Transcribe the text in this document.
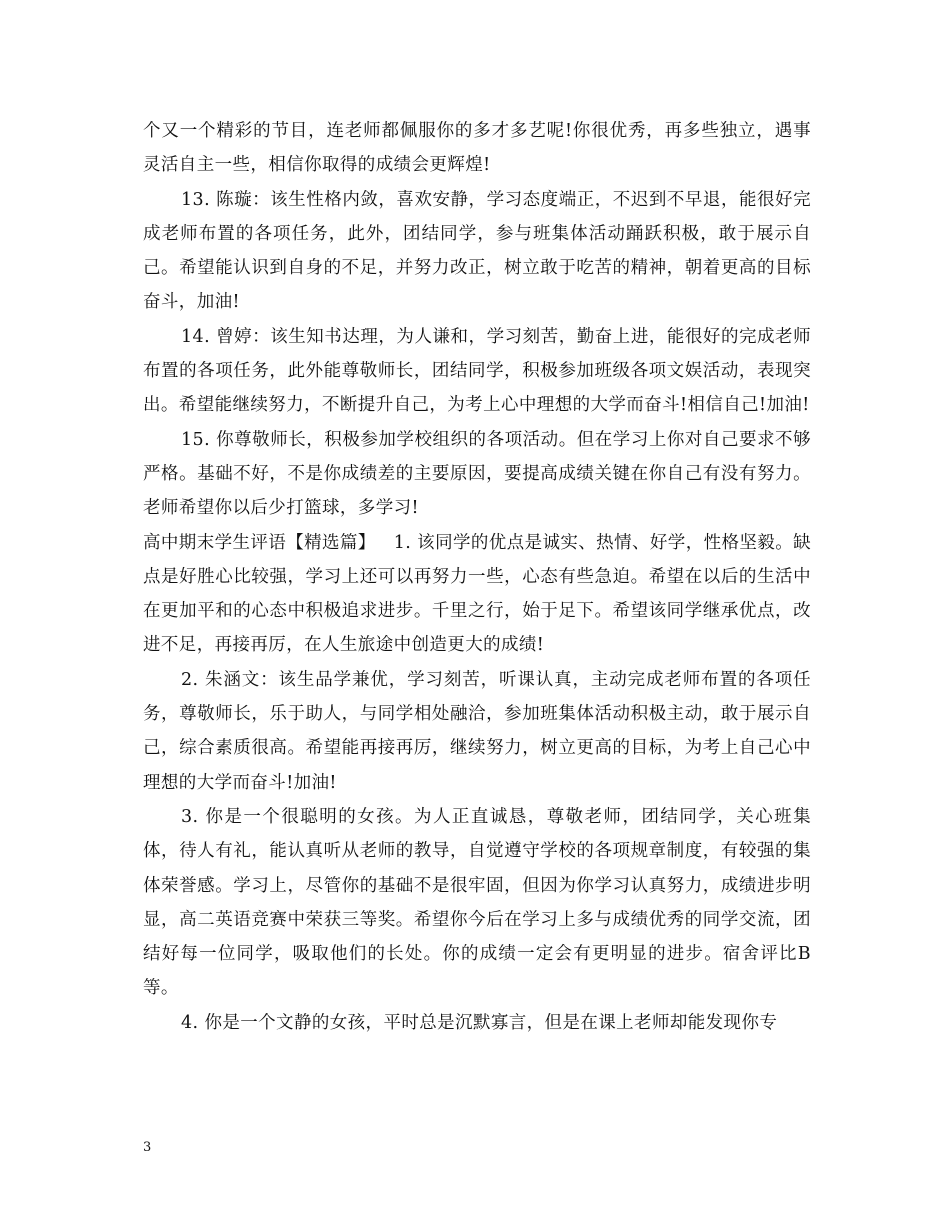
个又一个精彩的节目，连老师都佩服你的多才多艺呢!你很优秀，再多些独立，遇事灵活自主一些，相信你取得的成绩会更辉煌!

13. 陈璇：该生性格内敛，喜欢安静，学习态度端正，不迟到不早退，能很好完成老师布置的各项任务，此外，团结同学，参与班集体活动踊跃积极，敢于展示自己。希望能认识到自身的不足，并努力改正，树立敢于吃苦的精神，朝着更高的目标奋斗，加油!

14. 曾婷：该生知书达理，为人谦和，学习刻苦，勤奋上进，能很好的完成老师布置的各项任务，此外能尊敬师长，团结同学，积极参加班级各项文娱活动，表现突出。希望能继续努力，不断提升自己，为考上心中理想的大学而奋斗!相信自己!加油!

15. 你尊敬师长，积极参加学校组织的各项活动。但在学习上你对自己要求不够严格。基础不好，不是你成绩差的主要原因，要提高成绩关键在你自己有没有努力。老师希望你以后少打篮球，多学习!

高中期末学生评语【精选篇】 1. 该同学的优点是诚实、热情、好学，性格坚毅。缺点是好胜心比较强，学习上还可以再努力一些，心态有些急迫。希望在以后的生活中在更加平和的心态中积极追求进步。千里之行，始于足下。希望该同学继承优点，改进不足，再接再厉，在人生旅途中创造更大的成绩!

2. 朱涵文：该生品学兼优，学习刻苦，听课认真，主动完成老师布置的各项任务，尊敬师长，乐于助人，与同学相处融洽，参加班集体活动积极主动，敢于展示自己，综合素质很高。希望能再接再厉，继续努力，树立更高的目标，为考上自己心中理想的大学而奋斗!加油!

3. 你是一个很聪明的女孩。为人正直诚恳，尊敬老师，团结同学，关心班集体，待人有礼，能认真听从老师的教导，自觉遵守学校的各项规章制度，有较强的集体荣誉感。学习上，尽管你的基础不是很牢固，但因为你学习认真努力，成绩进步明显，高二英语竞赛中荣获三等奖。希望你今后在学习上多与成绩优秀的同学交流，团结好每一位同学，吸取他们的长处。你的成绩一定会有更明显的进步。宿舍评比B等。

4. 你是一个文静的女孩，平时总是沉默寡言，但是在课上老师却能发现你专

3
